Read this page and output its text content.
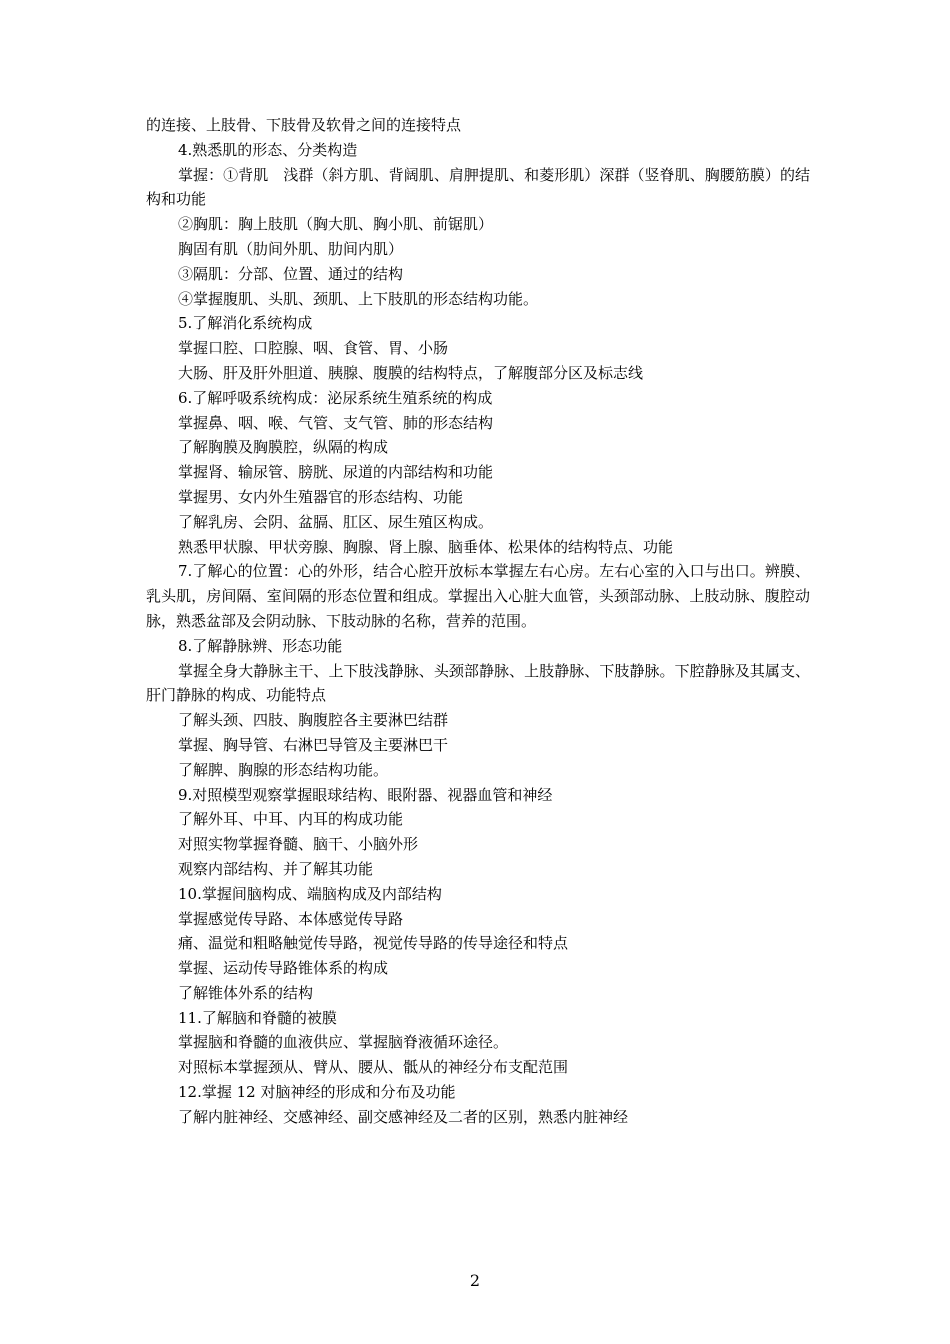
的连接、上肢骨、下肢骨及软骨之间的连接特点
4.熟悉肌的形态、分类构造
掌握：①背肌　浅群（斜方肌、背阔肌、肩胛提肌、和菱形肌）深群（竖脊肌、胸腰筋膜）的结构和功能
②胸肌：胸上肢肌（胸大肌、胸小肌、前锯肌）
胸固有肌（肋间外肌、肋间内肌）
③隔肌：分部、位置、通过的结构
④掌握腹肌、头肌、颈肌、上下肢肌的形态结构功能。
5.了解消化系统构成
掌握口腔、口腔腺、咽、食管、胃、小肠
大肠、肝及肝外胆道、胰腺、腹膜的结构特点，了解腹部分区及标志线
6.了解呼吸系统构成：泌尿系统生殖系统的构成
掌握鼻、咽、喉、气管、支气管、肺的形态结构
了解胸膜及胸膜腔，纵隔的构成
掌握肾、输尿管、膀胱、尿道的内部结构和功能
掌握男、女内外生殖器官的形态结构、功能
了解乳房、会阴、盆膈、肛区、尿生殖区构成。
熟悉甲状腺、甲状旁腺、胸腺、肾上腺、脑垂体、松果体的结构特点、功能
7.了解心的位置：心的外形，结合心腔开放标本掌握左右心房。左右心室的入口与出口。辨膜、乳头肌，房间隔、室间隔的形态位置和组成。掌握出入心脏大血管，头颈部动脉、上肢动脉、腹腔动脉，熟悉盆部及会阴动脉、下肢动脉的名称，营养的范围。
8.了解静脉辨、形态功能
掌握全身大静脉主干、上下肢浅静脉、头颈部静脉、上肢静脉、下肢静脉。下腔静脉及其属支、肝门静脉的构成、功能特点
了解头颈、四肢、胸腹腔各主要淋巴结群
掌握、胸导管、右淋巴导管及主要淋巴干
了解脾、胸腺的形态结构功能。
9.对照模型观察掌握眼球结构、眼附器、视器血管和神经
了解外耳、中耳、内耳的构成功能
对照实物掌握脊髓、脑干、小脑外形
观察内部结构、并了解其功能
10.掌握间脑构成、端脑构成及内部结构
掌握感觉传导路、本体感觉传导路
痛、温觉和粗略触觉传导路，视觉传导路的传导途径和特点
掌握、运动传导路锥体系的构成
了解锥体外系的结构
11.了解脑和脊髓的被膜
掌握脑和脊髓的血液供应、掌握脑脊液循环途径。
对照标本掌握颈从、臂从、腰从、骶从的神经分布支配范围
12.掌握 12 对脑神经的形成和分布及功能
了解内脏神经、交感神经、副交感神经及二者的区别，熟悉内脏神经
2
